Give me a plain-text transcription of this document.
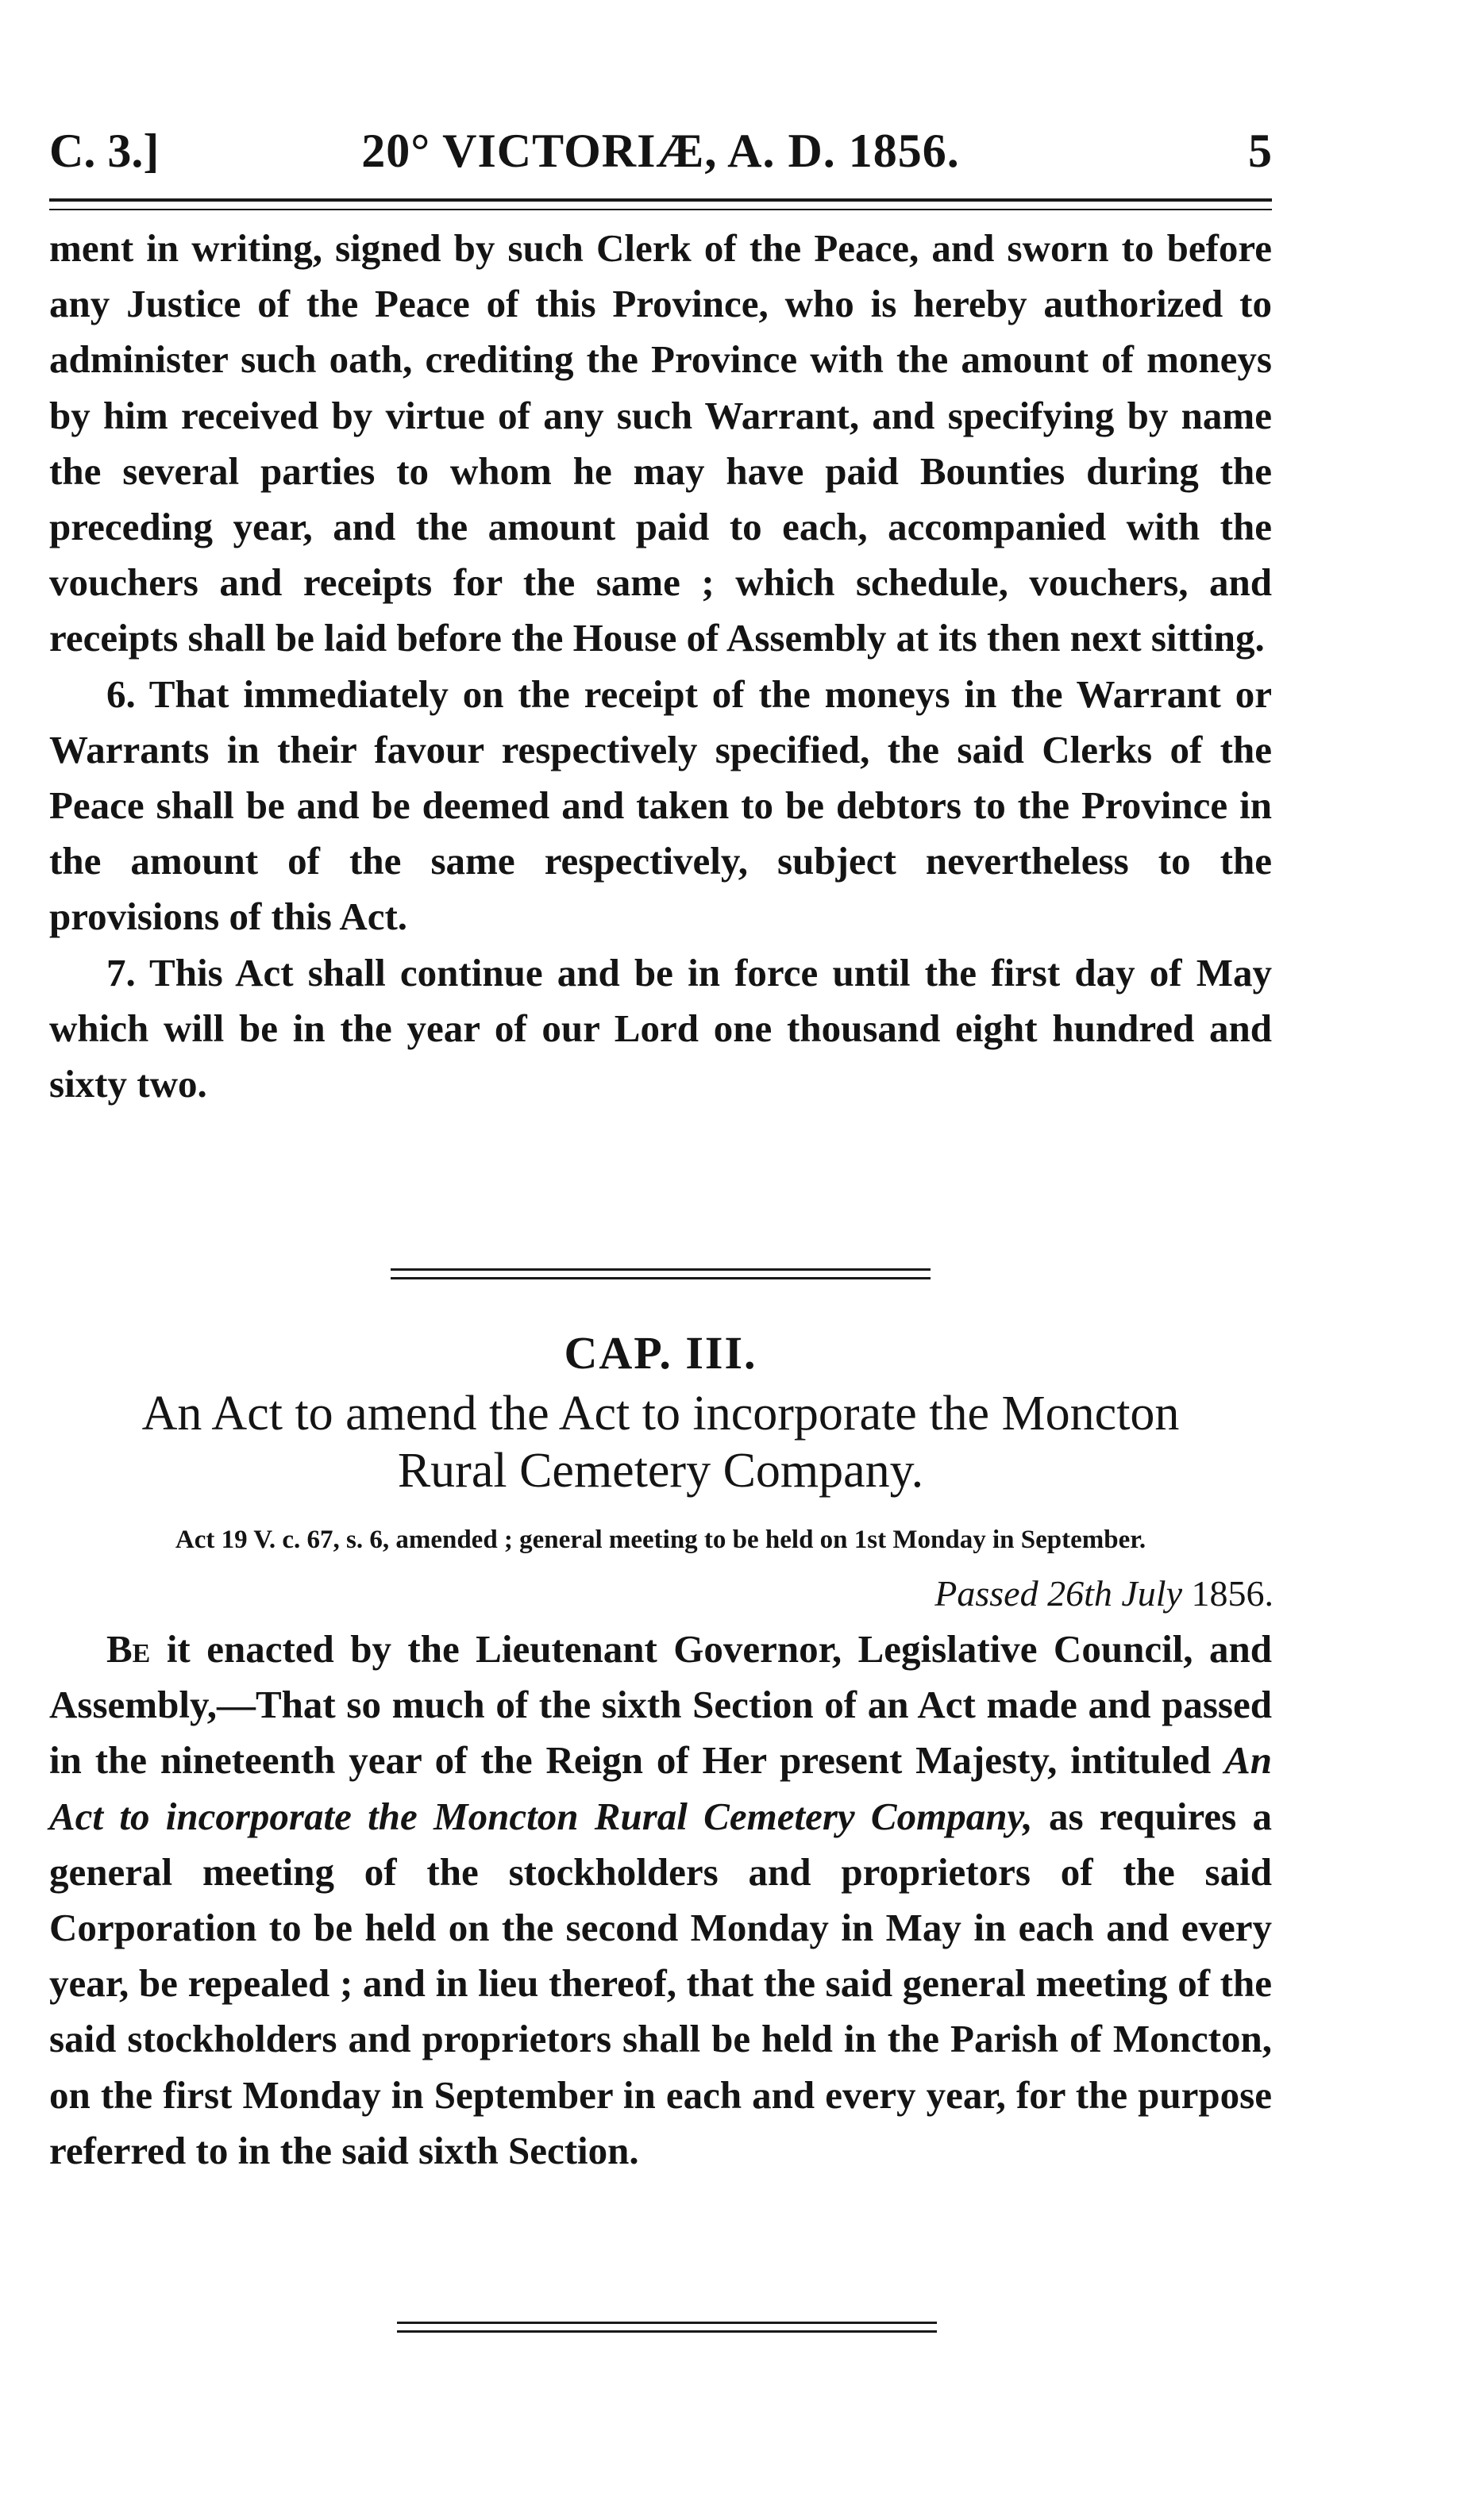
C. 3.]	20° VICTORIÆ, A. D. 1856.	5

ment in writing, signed by such Clerk of the Peace, and sworn to before any Justice of the Peace of this Province, who is hereby authorized to administer such oath, crediting the Province with the amount of moneys by him received by virtue of any such Warrant, and specifying by name the several parties to whom he may have paid Bounties during the preceding year, and the amount paid to each, accompanied with the vouchers and receipts for the same ; which schedule, vouchers, and receipts shall be laid before the House of Assembly at its then next sitting.

6. That immediately on the receipt of the moneys in the Warrant or Warrants in their favour respectively specified, the said Clerks of the Peace shall be and be deemed and taken to be debtors to the Province in the amount of the same respectively, subject nevertheless to the provisions of this Act.

7. This Act shall continue and be in force until the first day of May which will be in the year of our Lord one thousand eight hundred and sixty two.

CAP. III.
An Act to amend the Act to incorporate the Moncton
Rural Cemetery Company.
Act 19 V. c. 67, s. 6, amended ; general meeting to be held on 1st Monday in September.
Passed 26th July 1856.

Be it enacted by the Lieutenant Governor, Legislative Council, and Assembly,—That so much of the sixth Section of an Act made and passed in the nineteenth year of the Reign of Her present Majesty, intituled An Act to incorporate the Moncton Rural Cemetery Company, as requires a general meeting of the stockholders and proprietors of the said Corporation to be held on the second Monday in May in each and every year, be repealed ; and in lieu thereof, that the said general meeting of the said stockholders and proprietors shall be held in the Parish of Moncton, on the first Monday in September in each and every year, for the purpose referred to in the said sixth Section.
